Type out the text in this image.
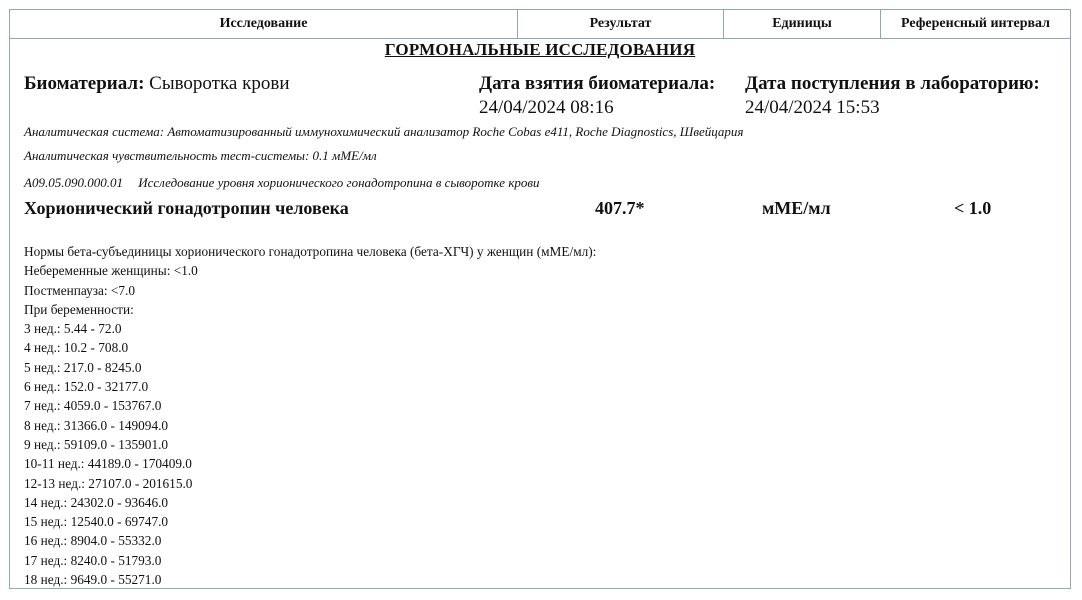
Исследование	Результат	Единицы	Референсный интервал
ГОРМОНАЛЬНЫЕ ИССЛЕДОВАНИЯ
Биоматериал: Сыворотка крови	Дата взятия биоматериала:
24/04/2024 08:16
Дата поступления в лабораторию:
24/04/2024 15:53
Аналитическая система: Автоматизированный иммунохимический анализатор Roche Cobas e411, Roche Diagnostics, Швейцария
Аналитическая чувствительность тест-системы: 0.1 мМЕ/мл
A09.05.090.000.01 Исследование уровня хорионического гонадотропина в сыворотке крови
Хорионический гонадотропин человека	407.7*	мМЕ/мл	< 1.0
Нормы бета-субъединицы хорионического гонадотропина человека (бета-ХГЧ) у женщин (мМЕ/мл):
Небеременные женщины: <1.0
Постменпауза: <7.0
При беременности:
3 нед.: 5.44 - 72.0
4 нед.: 10.2 - 708.0
5 нед.: 217.0 - 8245.0
6 нед.: 152.0 - 32177.0
7 нед.: 4059.0 - 153767.0
8 нед.: 31366.0 - 149094.0
9 нед.: 59109.0 - 135901.0
10-11 нед.: 44189.0 - 170409.0
12-13 нед.: 27107.0 - 201615.0
14 нед.: 24302.0 - 93646.0
15 нед.: 12540.0 - 69747.0
16 нед.: 8904.0 - 55332.0
17 нед.: 8240.0 - 51793.0
18 нед.: 9649.0 - 55271.0
